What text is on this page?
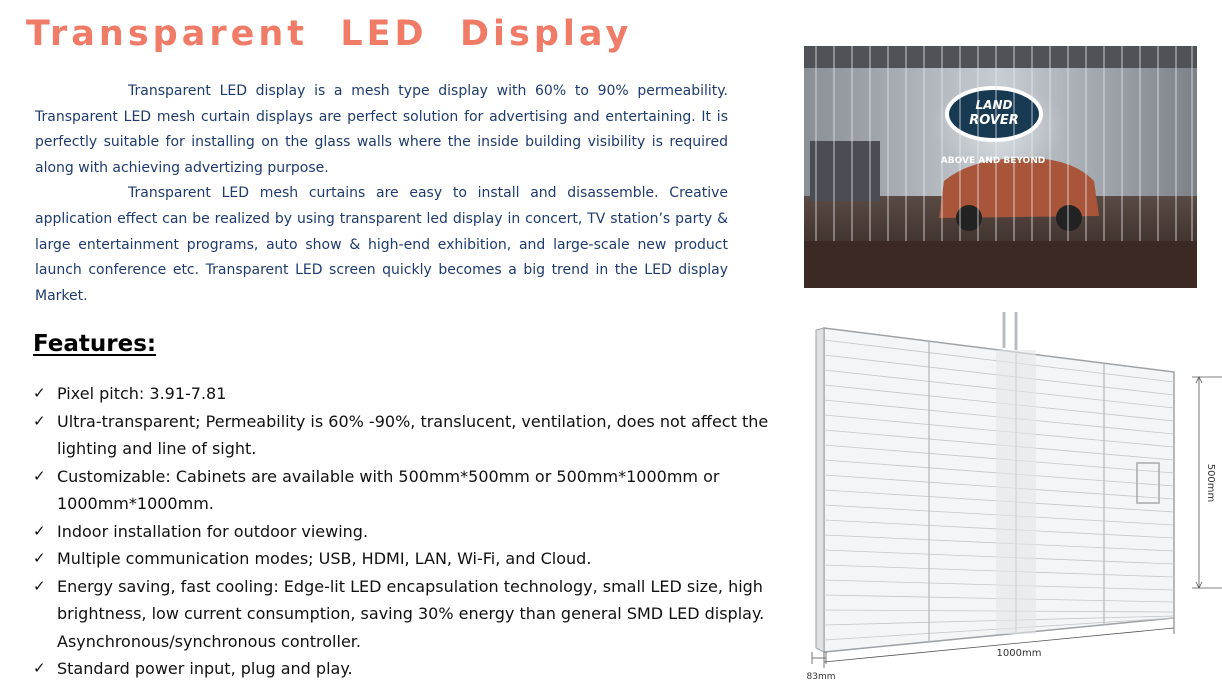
Transparent  LED  Display

Transparent LED display is a mesh type display with 60% to 90% permeability. Transparent LED mesh curtain displays are perfect solution for advertising and entertaining. It is perfectly suitable for installing on the glass walls where the inside building visibility is required along with achieving advertizing purpose.

Transparent LED mesh curtains are easy to install and disassemble. Creative application effect can be realized by using transparent led display in concert, TV station’s party & large entertainment programs, auto show & high-end exhibition, and large-scale new product launch conference etc. Transparent LED screen quickly becomes a big trend in the LED display Market.

Features:
✓ Pixel pitch: 3.91-7.81
✓ Ultra-transparent; Permeability is 60% -90%, translucent, ventilation, does not affect the lighting and line of sight.
✓ Customizable: Cabinets are available with 500mm*500mm or 500mm*1000mm or 1000mm*1000mm.
✓ Indoor installation for outdoor viewing.
✓ Multiple communication modes; USB, HDMI, LAN, Wi-Fi, and Cloud.
✓ Energy saving, fast cooling: Edge-lit LED encapsulation technology, small LED size, high brightness, low current consumption, saving 30% energy than general SMD LED display. Asynchronous/synchronous controller.
✓ Standard power input, plug and play.
LAND
ROVER
ABOVE AND BEYOND
500mm
1000mm
83mm
